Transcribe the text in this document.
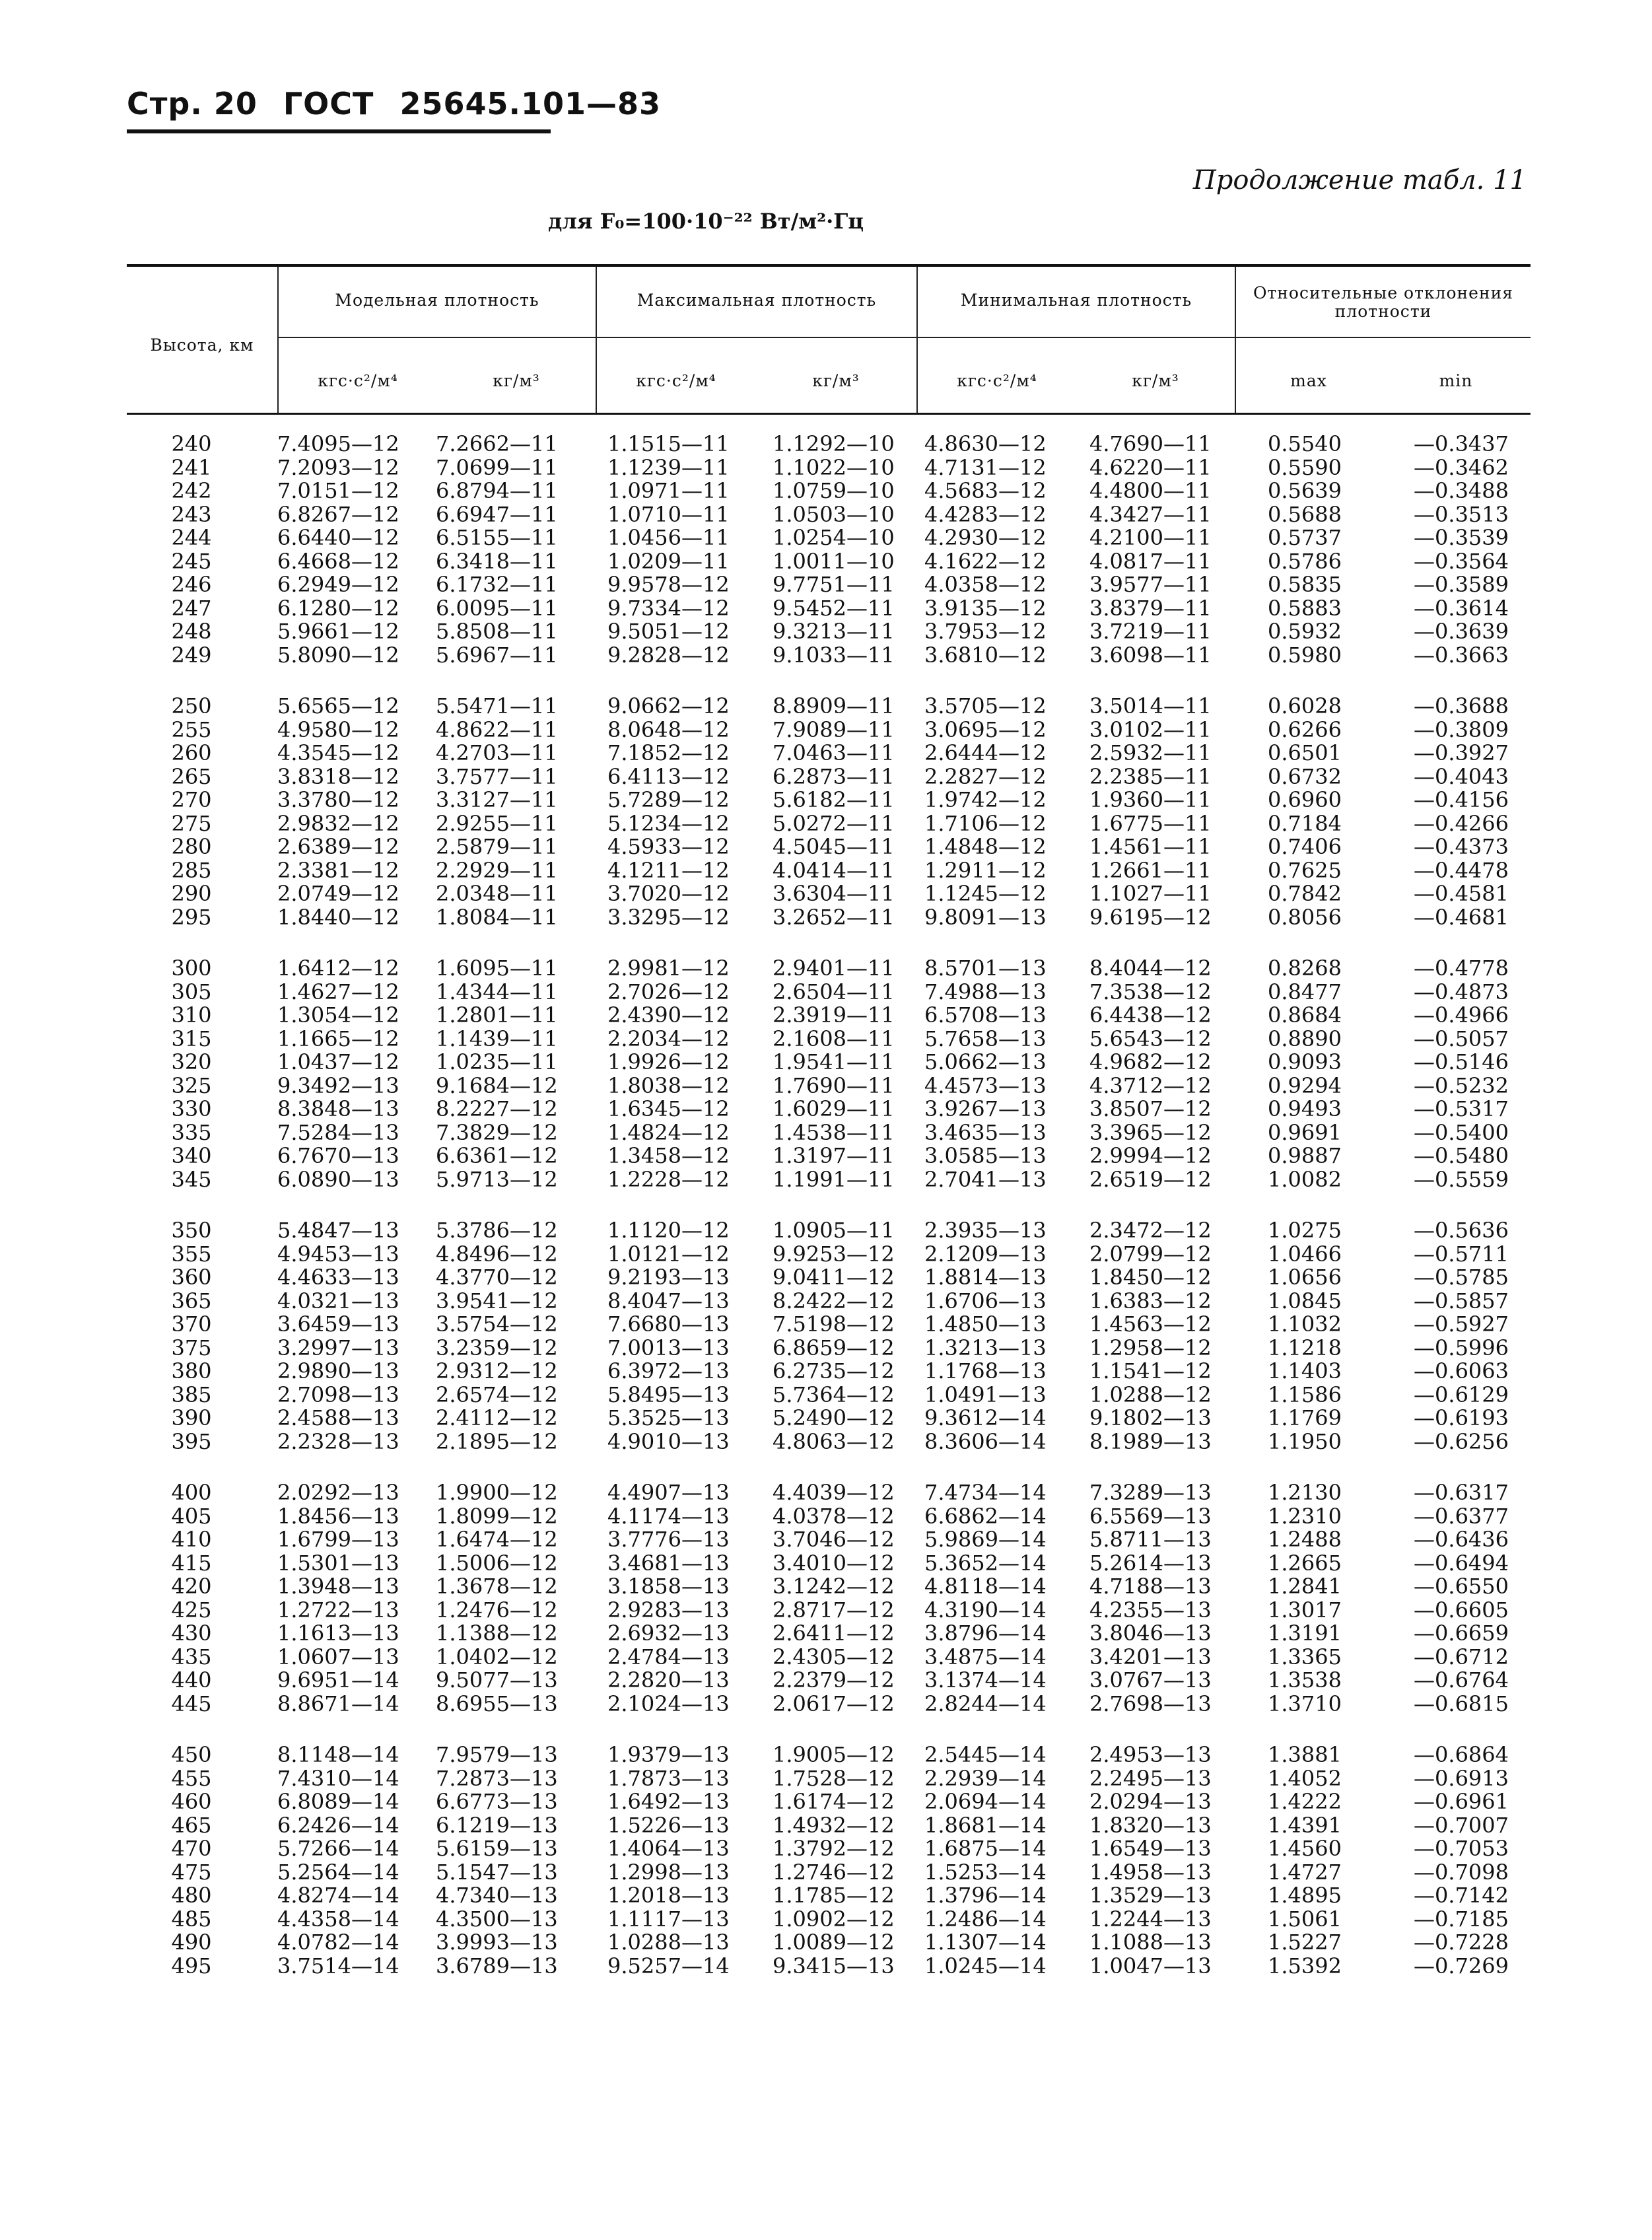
Стр. 20 ГОСТ 25645.101—83
Продолжение табл. 11
для F₀=100·10⁻²² Вт/м²·Гц
Высота, км
Модельная плотность	Максимальная плотность	Минимальная плотность	Относительные отклонения плотности
кгс·с²/м⁴	кг/м³	кгс·с²/м⁴	кг/м³	кгс·с²/м⁴	кг/м³	max	min
240	7.4095—12	7.2662—11	1.1515—11	1.1292—10	4.8630—12	4.7690—11	0.5540	—0.3437
241	7.2093—12	7.0699—11	1.1239—11	1.1022—10	4.7131—12	4.6220—11	0.5590	—0.3462
242	7.0151—12	6.8794—11	1.0971—11	1.0759—10	4.5683—12	4.4800—11	0.5639	—0.3488
243	6.8267—12	6.6947—11	1.0710—11	1.0503—10	4.4283—12	4.3427—11	0.5688	—0.3513
244	6.6440—12	6.5155—11	1.0456—11	1.0254—10	4.2930—12	4.2100—11	0.5737	—0.3539
245	6.4668—12	6.3418—11	1.0209—11	1.0011—10	4.1622—12	4.0817—11	0.5786	—0.3564
246	6.2949—12	6.1732—11	9.9578—12	9.7751—11	4.0358—12	3.9577—11	0.5835	—0.3589
247	6.1280—12	6.0095—11	9.7334—12	9.5452—11	3.9135—12	3.8379—11	0.5883	—0.3614
248	5.9661—12	5.8508—11	9.5051—12	9.3213—11	3.7953—12	3.7219—11	0.5932	—0.3639
249	5.8090—12	5.6967—11	9.2828—12	9.1033—11	3.6810—12	3.6098—11	0.5980	—0.3663
250	5.6565—12	5.5471—11	9.0662—12	8.8909—11	3.5705—12	3.5014—11	0.6028	—0.3688
255	4.9580—12	4.8622—11	8.0648—12	7.9089—11	3.0695—12	3.0102—11	0.6266	—0.3809
260	4.3545—12	4.2703—11	7.1852—12	7.0463—11	2.6444—12	2.5932—11	0.6501	—0.3927
265	3.8318—12	3.7577—11	6.4113—12	6.2873—11	2.2827—12	2.2385—11	0.6732	—0.4043
270	3.3780—12	3.3127—11	5.7289—12	5.6182—11	1.9742—12	1.9360—11	0.6960	—0.4156
275	2.9832—12	2.9255—11	5.1234—12	5.0272—11	1.7106—12	1.6775—11	0.7184	—0.4266
280	2.6389—12	2.5879—11	4.5933—12	4.5045—11	1.4848—12	1.4561—11	0.7406	—0.4373
285	2.3381—12	2.2929—11	4.1211—12	4.0414—11	1.2911—12	1.2661—11	0.7625	—0.4478
290	2.0749—12	2.0348—11	3.7020—12	3.6304—11	1.1245—12	1.1027—11	0.7842	—0.4581
295	1.8440—12	1.8084—11	3.3295—12	3.2652—11	9.8091—13	9.6195—12	0.8056	—0.4681
300	1.6412—12	1.6095—11	2.9981—12	2.9401—11	8.5701—13	8.4044—12	0.8268	—0.4778
305	1.4627—12	1.4344—11	2.7026—12	2.6504—11	7.4988—13	7.3538—12	0.8477	—0.4873
310	1.3054—12	1.2801—11	2.4390—12	2.3919—11	6.5708—13	6.4438—12	0.8684	—0.4966
315	1.1665—12	1.1439—11	2.2034—12	2.1608—11	5.7658—13	5.6543—12	0.8890	—0.5057
320	1.0437—12	1.0235—11	1.9926—12	1.9541—11	5.0662—13	4.9682—12	0.9093	—0.5146
325	9.3492—13	9.1684—12	1.8038—12	1.7690—11	4.4573—13	4.3712—12	0.9294	—0.5232
330	8.3848—13	8.2227—12	1.6345—12	1.6029—11	3.9267—13	3.8507—12	0.9493	—0.5317
335	7.5284—13	7.3829—12	1.4824—12	1.4538—11	3.4635—13	3.3965—12	0.9691	—0.5400
340	6.7670—13	6.6361—12	1.3458—12	1.3197—11	3.0585—13	2.9994—12	0.9887	—0.5480
345	6.0890—13	5.9713—12	1.2228—12	1.1991—11	2.7041—13	2.6519—12	1.0082	—0.5559
350	5.4847—13	5.3786—12	1.1120—12	1.0905—11	2.3935—13	2.3472—12	1.0275	—0.5636
355	4.9453—13	4.8496—12	1.0121—12	9.9253—12	2.1209—13	2.0799—12	1.0466	—0.5711
360	4.4633—13	4.3770—12	9.2193—13	9.0411—12	1.8814—13	1.8450—12	1.0656	—0.5785
365	4.0321—13	3.9541—12	8.4047—13	8.2422—12	1.6706—13	1.6383—12	1.0845	—0.5857
370	3.6459—13	3.5754—12	7.6680—13	7.5198—12	1.4850—13	1.4563—12	1.1032	—0.5927
375	3.2997—13	3.2359—12	7.0013—13	6.8659—12	1.3213—13	1.2958—12	1.1218	—0.5996
380	2.9890—13	2.9312—12	6.3972—13	6.2735—12	1.1768—13	1.1541—12	1.1403	—0.6063
385	2.7098—13	2.6574—12	5.8495—13	5.7364—12	1.0491—13	1.0288—12	1.1586	—0.6129
390	2.4588—13	2.4112—12	5.3525—13	5.2490—12	9.3612—14	9.1802—13	1.1769	—0.6193
395	2.2328—13	2.1895—12	4.9010—13	4.8063—12	8.3606—14	8.1989—13	1.1950	—0.6256
400	2.0292—13	1.9900—12	4.4907—13	4.4039—12	7.4734—14	7.3289—13	1.2130	—0.6317
405	1.8456—13	1.8099—12	4.1174—13	4.0378—12	6.6862—14	6.5569—13	1.2310	—0.6377
410	1.6799—13	1.6474—12	3.7776—13	3.7046—12	5.9869—14	5.8711—13	1.2488	—0.6436
415	1.5301—13	1.5006—12	3.4681—13	3.4010—12	5.3652—14	5.2614—13	1.2665	—0.6494
420	1.3948—13	1.3678—12	3.1858—13	3.1242—12	4.8118—14	4.7188—13	1.2841	—0.6550
425	1.2722—13	1.2476—12	2.9283—13	2.8717—12	4.3190—14	4.2355—13	1.3017	—0.6605
430	1.1613—13	1.1388—12	2.6932—13	2.6411—12	3.8796—14	3.8046—13	1.3191	—0.6659
435	1.0607—13	1.0402—12	2.4784—13	2.4305—12	3.4875—14	3.4201—13	1.3365	—0.6712
440	9.6951—14	9.5077—13	2.2820—13	2.2379—12	3.1374—14	3.0767—13	1.3538	—0.6764
445	8.8671—14	8.6955—13	2.1024—13	2.0617—12	2.8244—14	2.7698—13	1.3710	—0.6815
450	8.1148—14	7.9579—13	1.9379—13	1.9005—12	2.5445—14	2.4953—13	1.3881	—0.6864
455	7.4310—14	7.2873—13	1.7873—13	1.7528—12	2.2939—14	2.2495—13	1.4052	—0.6913
460	6.8089—14	6.6773—13	1.6492—13	1.6174—12	2.0694—14	2.0294—13	1.4222	—0.6961
465	6.2426—14	6.1219—13	1.5226—13	1.4932—12	1.8681—14	1.8320—13	1.4391	—0.7007
470	5.7266—14	5.6159—13	1.4064—13	1.3792—12	1.6875—14	1.6549—13	1.4560	—0.7053
475	5.2564—14	5.1547—13	1.2998—13	1.2746—12	1.5253—14	1.4958—13	1.4727	—0.7098
480	4.8274—14	4.7340—13	1.2018—13	1.1785—12	1.3796—14	1.3529—13	1.4895	—0.7142
485	4.4358—14	4.3500—13	1.1117—13	1.0902—12	1.2486—14	1.2244—13	1.5061	—0.7185
490	4.0782—14	3.9993—13	1.0288—13	1.0089—12	1.1307—14	1.1088—13	1.5227	—0.7228
495	3.7514—14	3.6789—13	9.5257—14	9.3415—13	1.0245—14	1.0047—13	1.5392	—0.7269
